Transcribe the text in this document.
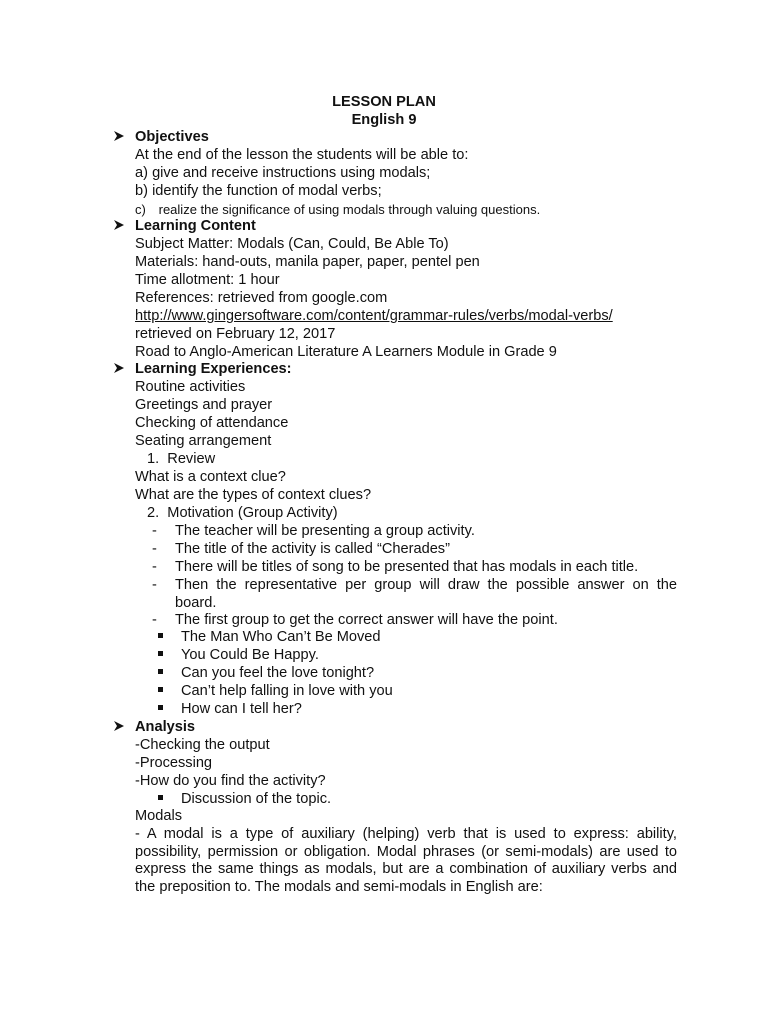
LESSON PLAN
English 9
Objectives
At the end of the lesson the students will be able to:
a) give and receive instructions using modals;
b) identify the function of modal verbs;
c) realize the significance of using modals through valuing questions.
Learning Content
Subject Matter: Modals (Can, Could, Be Able To)
Materials: hand-outs, manila paper, paper, pentel pen
Time allotment: 1 hour
References: retrieved from google.com
http://www.gingersoftware.com/content/grammar-rules/verbs/modal-verbs/
retrieved on February 12, 2017
Road to Anglo-American Literature A Learners Module in Grade 9
Learning Experiences:
Routine activities
Greetings and prayer
Checking of attendance
Seating arrangement
1. Review
What is a context clue?
What are the types of context clues?
2. Motivation (Group Activity)
- The teacher will be presenting a group activity.
- The title of the activity is called “Cherades”
- There will be titles of song to be presented that has modals in each title.
- Then the representative per group will draw the possible answer on the board.
- The first group to get the correct answer will have the point.
The Man Who Can’t Be Moved
You Could Be Happy.
Can you feel the love tonight?
Can’t help falling in love with you
How can I tell her?
Analysis
-Checking the output
-Processing
-How do you find the activity?
Discussion of the topic.
Modals
- A modal is a type of auxiliary (helping) verb that is used to express: ability,
possibility, permission or obligation. Modal phrases (or semi-modals) are used to
express the same things as modals, but are a combination of auxiliary verbs and
the preposition to. The modals and semi-modals in English are:
